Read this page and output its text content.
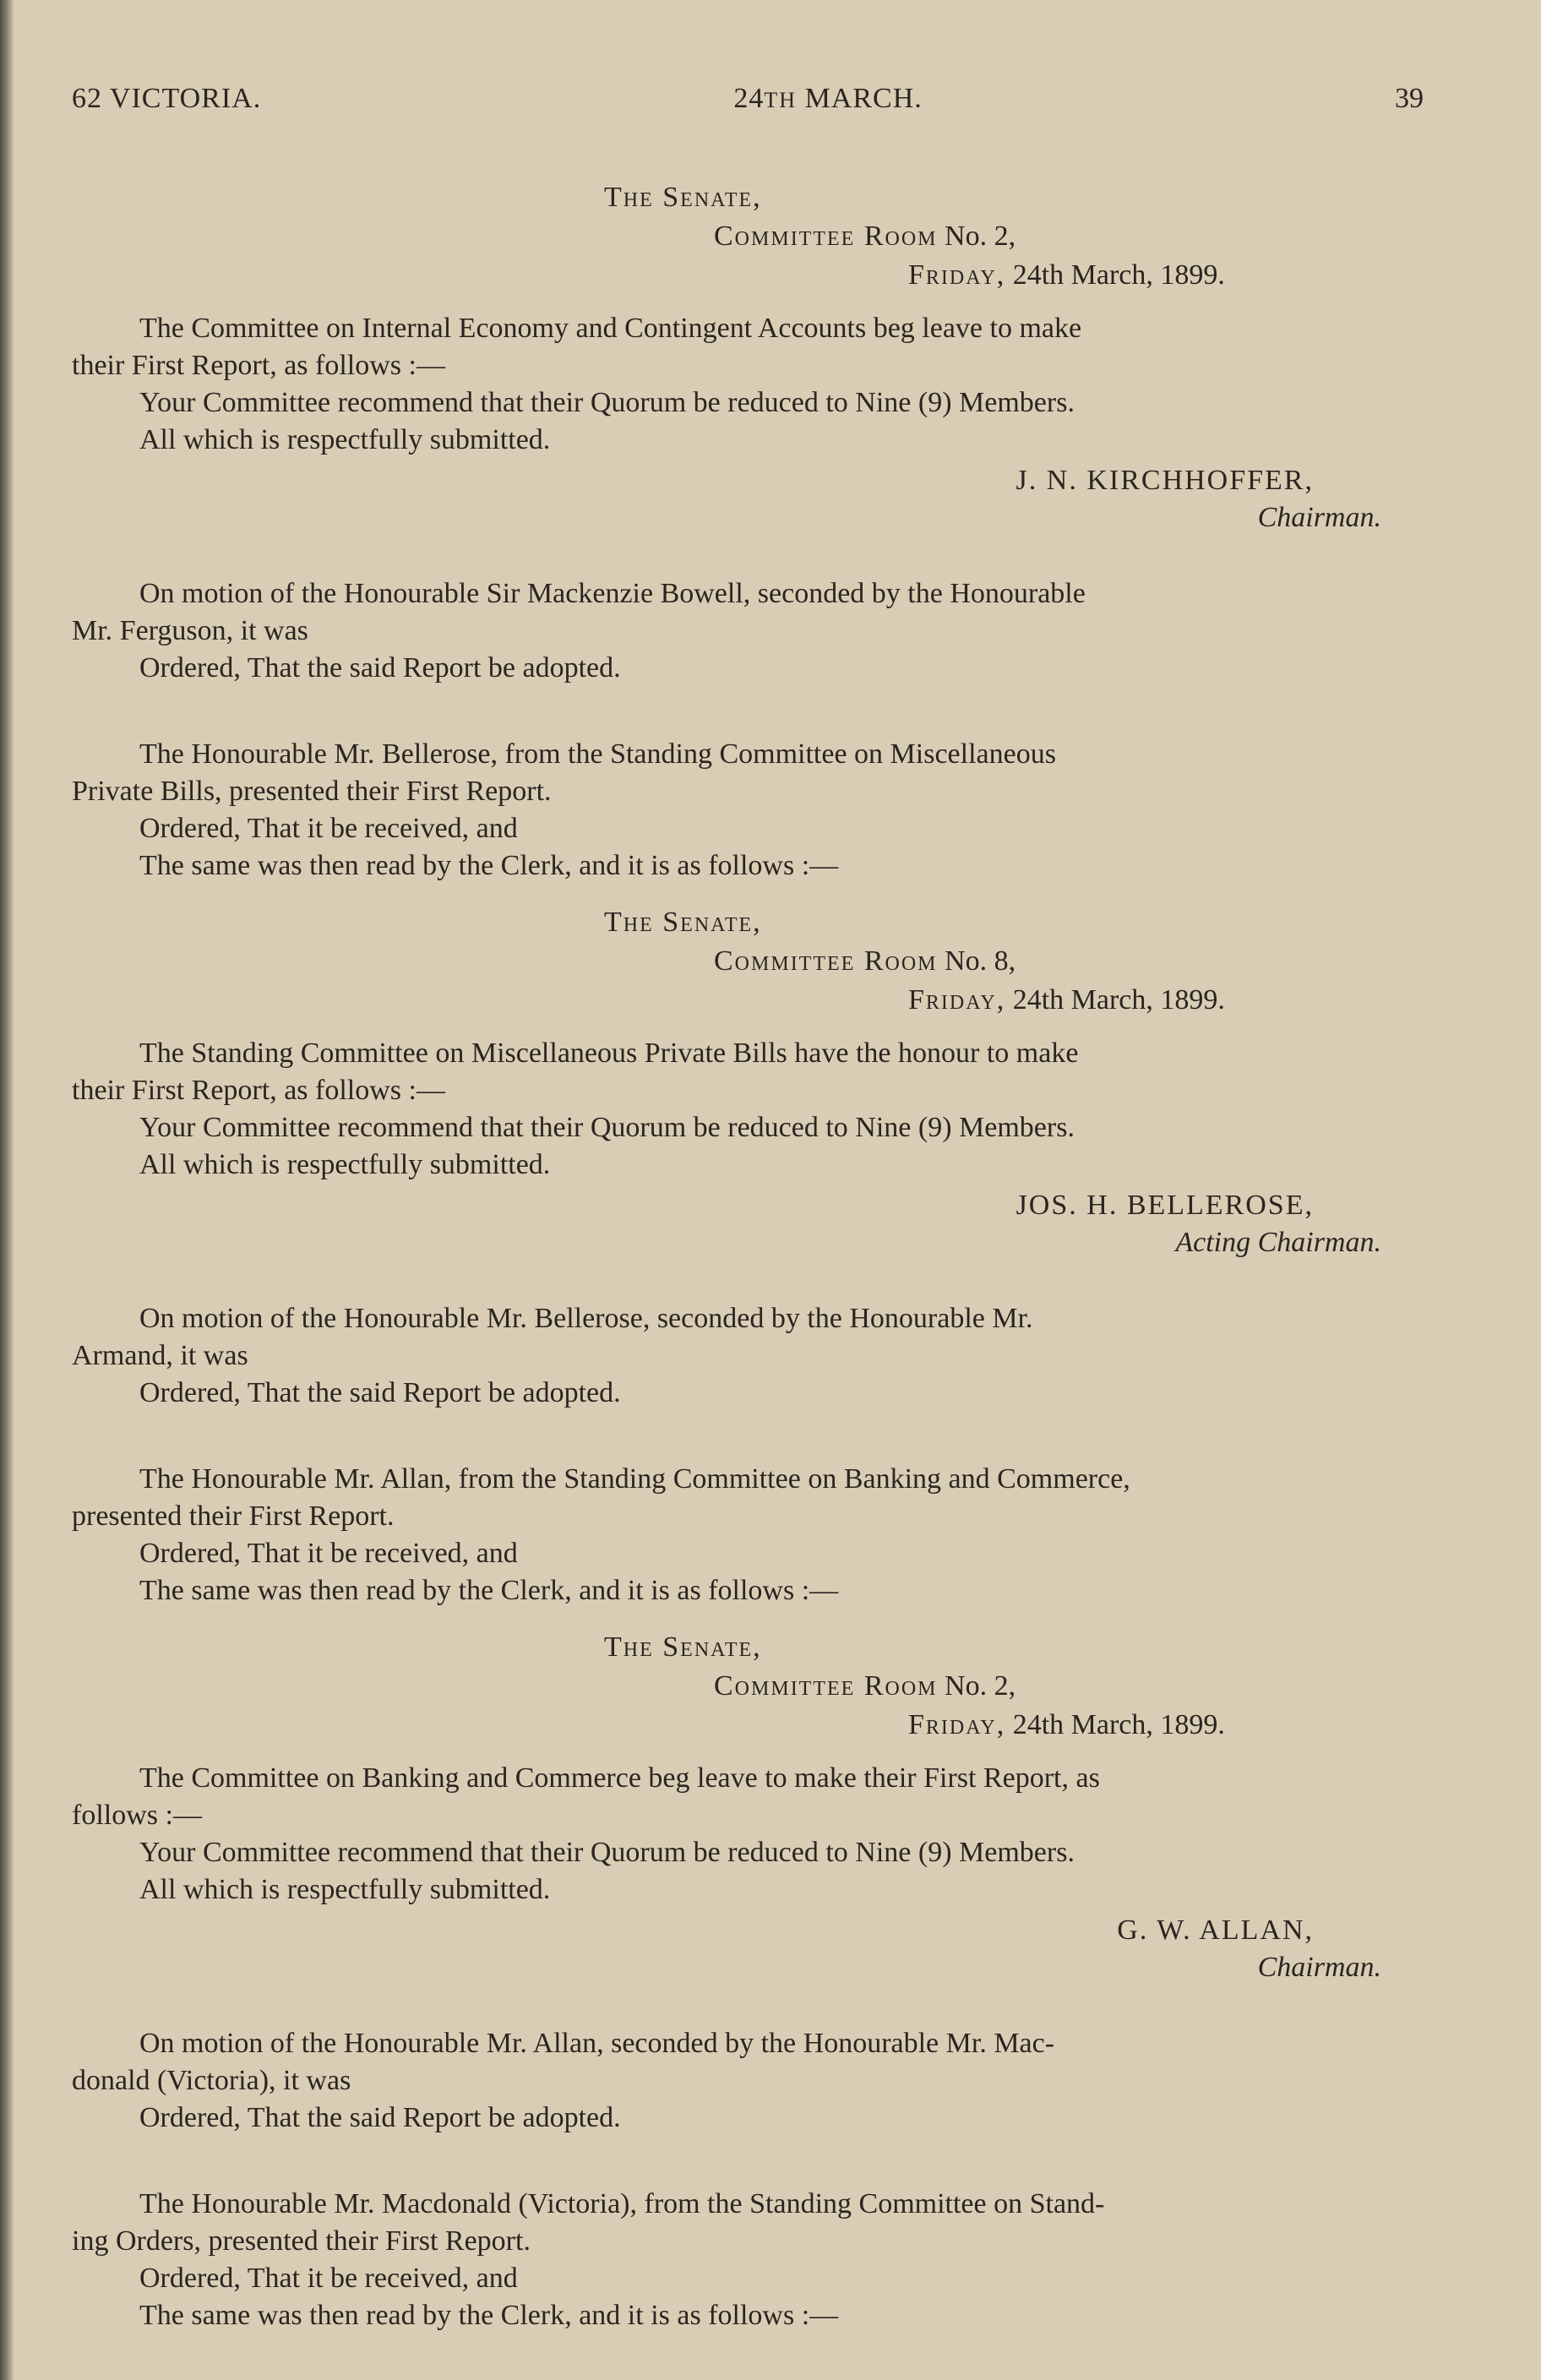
62 VICTORIA.	24TH MARCH.	39
The Senate,
Committee Room No. 2,
Friday, 24th March, 1899.

The Committee on Internal Economy and Contingent Accounts beg leave to make
their First Report, as follows :—

Your Committee recommend that their Quorum be reduced to Nine (9) Members.

All which is respectfully submitted.

J. N. KIRCHHOFFER,

Chairman.

On motion of the Honourable Sir Mackenzie Bowell, seconded by the Honourable
Mr. Ferguson, it was

Ordered, That the said Report be adopted.

The Honourable Mr. Bellerose, from the Standing Committee on Miscellaneous
Private Bills, presented their First Report.

Ordered, That it be received, and

The same was then read by the Clerk, and it is as follows :—

The Senate,
Committee Room No. 8,
Friday, 24th March, 1899.

The Standing Committee on Miscellaneous Private Bills have the honour to make
their First Report, as follows :—

Your Committee recommend that their Quorum be reduced to Nine (9) Members.

All which is respectfully submitted.

JOS. H. BELLEROSE,

Acting Chairman.

On motion of the Honourable Mr. Bellerose, seconded by the Honourable Mr.
Armand, it was

Ordered, That the said Report be adopted.

The Honourable Mr. Allan, from the Standing Committee on Banking and Commerce,
presented their First Report.

Ordered, That it be received, and

The same was then read by the Clerk, and it is as follows :—

The Senate,
Committee Room No. 2,
Friday, 24th March, 1899.

The Committee on Banking and Commerce beg leave to make their First Report, as
follows :—

Your Committee recommend that their Quorum be reduced to Nine (9) Members.

All which is respectfully submitted.

G. W. ALLAN,

Chairman.

On motion of the Honourable Mr. Allan, seconded by the Honourable Mr. Mac-
donald (Victoria), it was

Ordered, That the said Report be adopted.

The Honourable Mr. Macdonald (Victoria), from the Standing Committee on Stand-
ing Orders, presented their First Report.

Ordered, That it be received, and

The same was then read by the Clerk, and it is as follows :—
